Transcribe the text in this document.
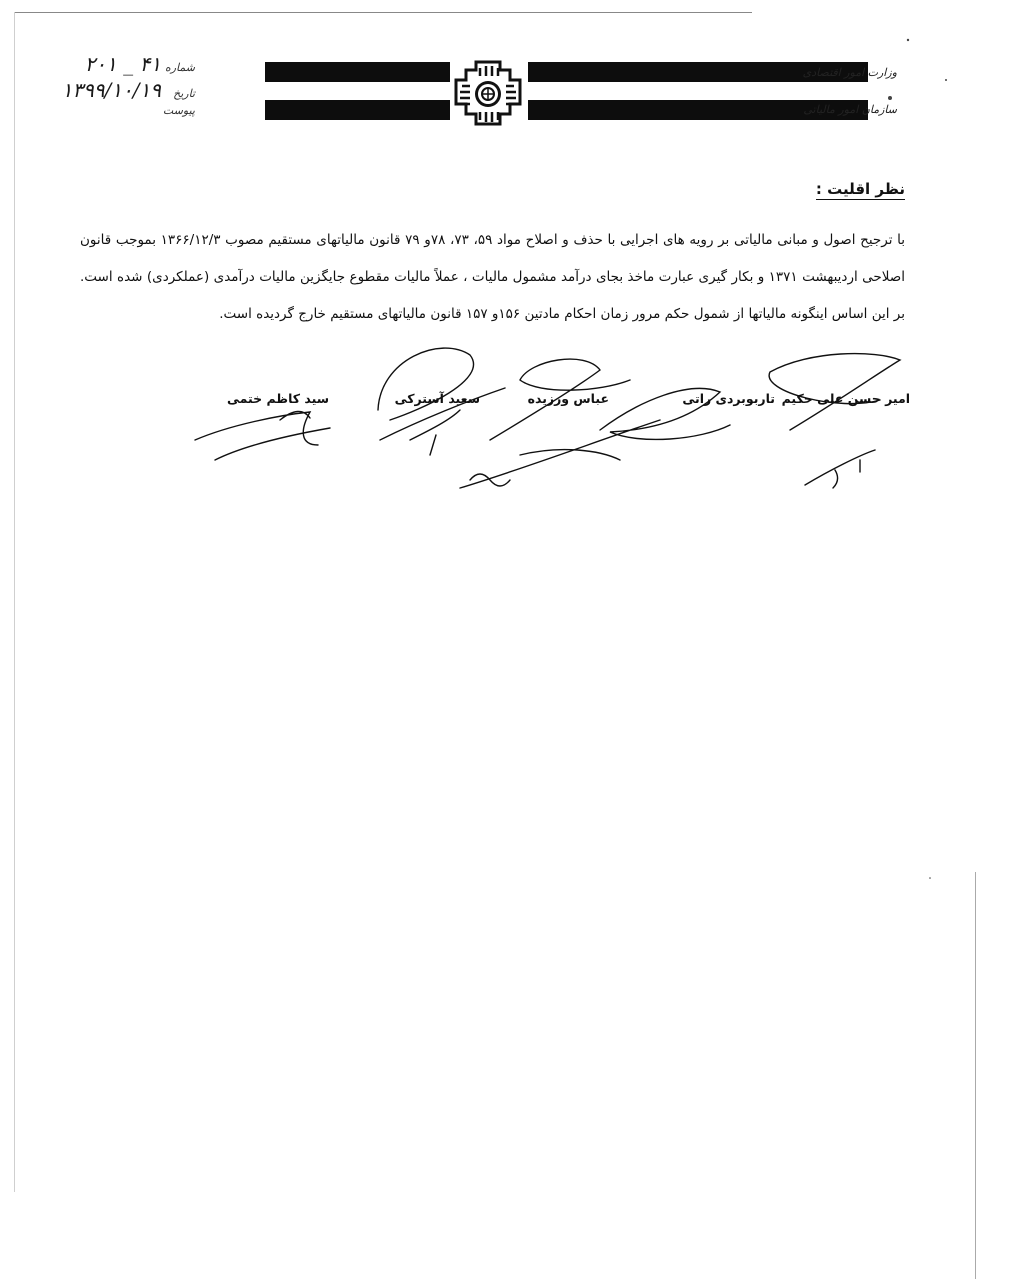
شماره
۲۰۱ _ ۴۱
تاریخ
۱۳۹۹/۱۰/۱۹
پیوست
وزارت امور اقتصادی
سازمان امور مالیاتی
نظر اقلیت :

با ترجیح اصول و مبانی مالیاتی بر رویه های اجرایی با حذف و اصلاح مواد ۵۹، ۷۳، ۷۸و ۷۹ قانون مالیاتهای مستقیم مصوب ۱۳۶۶/۱۲/۳ بموجب قانون اصلاحی اردیبهشت ۱۳۷۱ و بکار گیری عبارت ماخذ بجای درآمد مشمول مالیات ، عملاً مالیات مقطوع جایگزین مالیات درآمدی (عملکردی) شده است. بر این اساس اینگونه مالیاتها از شمول حکم مرور زمان احکام مادتین ۱۵۶و ۱۵۷ قانون مالیاتهای مستقیم خارج گردیده است.

امیر حسن علی حکیم
تاربوبردی راتی
عباس ورزیده
سعید آسترکی
سید کاظم ختمی
